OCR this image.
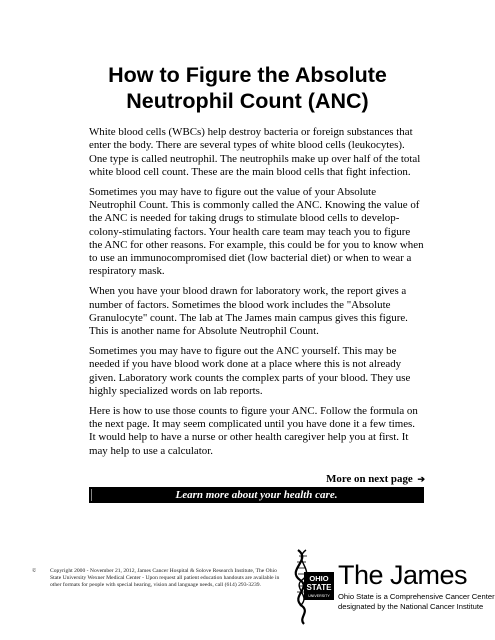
How to Figure the Absolute
Neutrophil Count (ANC)

White blood cells (WBCs) help destroy bacteria or foreign substances that enter the body. There are several types of white blood cells (leukocytes). One type is called neutrophil. The neutrophils make up over half of the total white blood cell count. These are the main blood cells that fight infection.

Sometimes you may have to figure out the value of your Absolute Neutrophil Count. This is commonly called the ANC. Knowing the value of the ANC is needed for taking drugs to stimulate blood cells to develop-colony-stimulating factors. Your health care team may teach you to figure the ANC for other reasons. For example, this could be for you to know when to use an immunocompromised diet (low bacterial diet) or when to wear a respiratory mask.

When you have your blood drawn for laboratory work, the report gives a number of factors. Sometimes the blood work includes the "Absolute Granulocyte" count. The lab at The James main campus gives this figure. This is another name for Absolute Neutrophil Count.

Sometimes you may have to figure out the ANC yourself. This may be needed if you have blood work done at a place where this is not already given. Laboratory work counts the complex parts of your blood. They use highly specialized words on lab reports.

Here is how to use those counts to figure your ANC. Follow the formula on the next page. It may seem complicated until you have done it a few times. It would help to have a nurse or other health caregiver help you at first. It may help to use a calculator.

More on next page ➔
Learn more about your health care.
© Copyright 2000 - November 21, 2012, James Cancer Hospital & Solove Research Institute, The Ohio State University Wexner Medical Center - Upon request all patient education handouts are available in other formats for people with special hearing, vision and language needs, call (614) 293-3239.
OHIO
STATE
UNIVERSITY
The James
Ohio State is a Comprehensive Cancer Center
designated by the National Cancer Institute
